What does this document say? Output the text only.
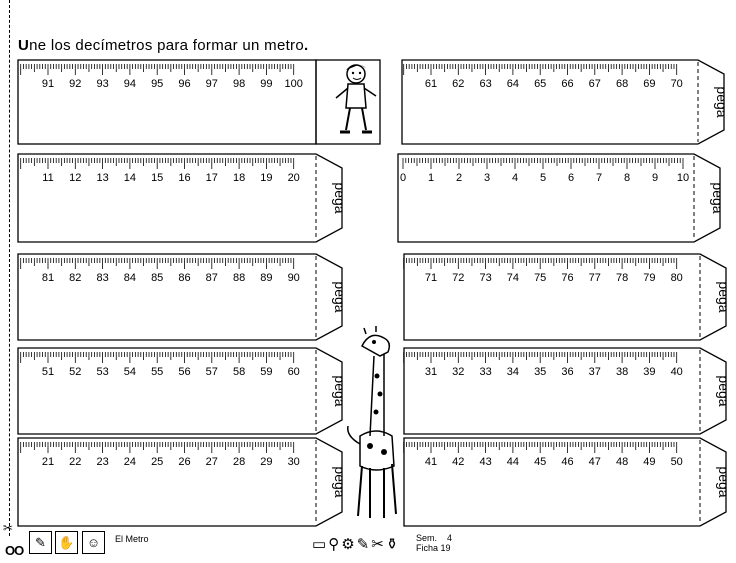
✂
OO
Une los decímetros para formar un metro.
91 92 93 94 95 96 97 98 99 100
pega
61 62 63 64 65 66 67 68 69 70
pega
11 12 13 14 15 16 17 18 19 20
pega
0 1 2 3 4 5 6 7 8 9 10
pega
81 82 83 84 85 86 87 88 89 90
pega
71 72 73 74 75 76 77 78 79 80
pega
51 52 53 54 55 56 57 58 59 60
pega
31 32 33 34 35 36 37 38 39 40
pega
21 22 23 24 25 26 27 28 29 30
pega
41 42 43 44 45 46 47 48 49 50
✎ ✋ ☺	El Metro	▭⚲⚙✎✂⚱ Sem. 4
Ficha 19
